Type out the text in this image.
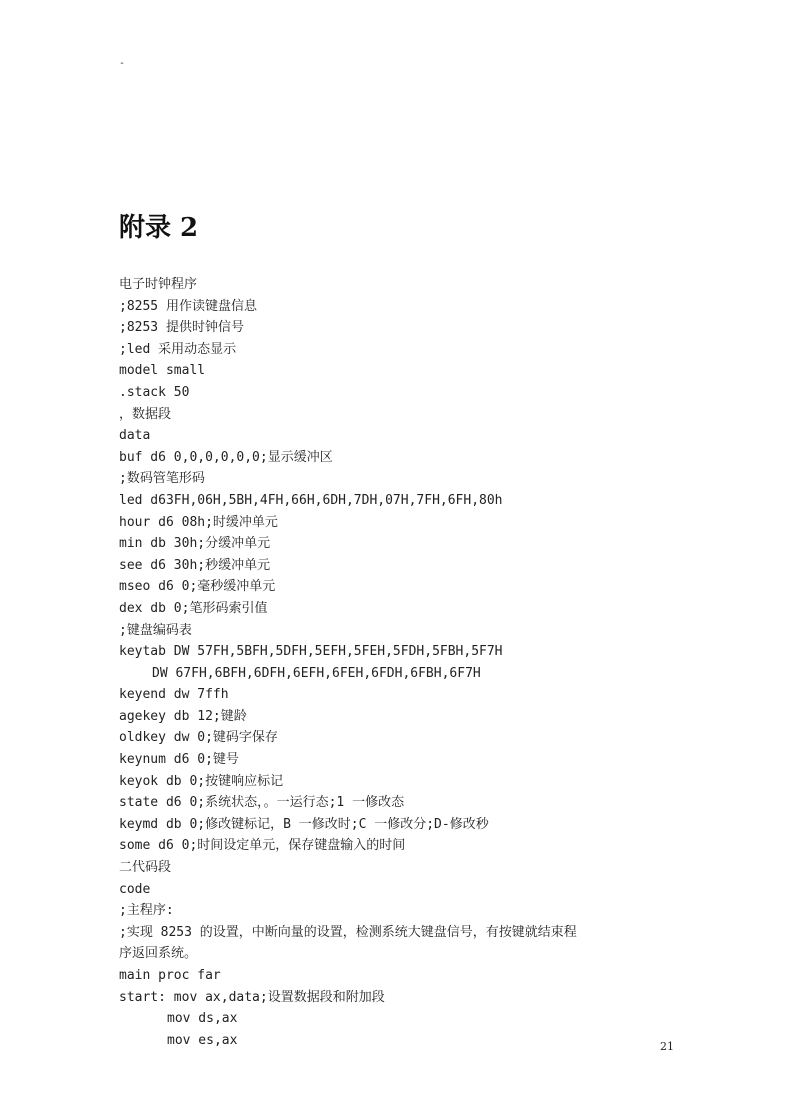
-
附录 2
电子时钟程序
;8255 用作读键盘信息
;8253 提供时钟信号
;led 采用动态显示
model small
.stack 50
，数据段
data
buf d6 0,0,0,0,0,0;显示缓冲区
;数码管笔形码
led d63FH,06H,5BH,4FH,66H,6DH,7DH,07H,7FH,6FH,80h
hour d6 08h;时缓冲单元
min db 30h;分缓冲单元
see d6 30h;秒缓冲单元
mseo d6 0;毫秒缓冲单元
dex db 0;笔形码索引值
;键盘编码表
keytab DW 57FH,5BFH,5DFH,5EFH,5FEH,5FDH,5FBH,5F7H
DW 67FH,6BFH,6DFH,6EFH,6FEH,6FDH,6FBH,6F7H
keyend dw 7ffh
agekey db 12;键龄
oldkey dw 0;键码字保存
keynum d6 0;键号
keyok db 0;按键响应标记
state d6 0;系统状态，。一运行态;1 一修改态
keymd db 0;修改键标记，B 一修改时;C 一修改分;D-修改秒
some d6 0;时间设定单元，保存键盘输入的时间
二代码段
code
;主程序:
;实现 8253 的设置，中断向量的设置，检测系统大键盘信号，有按键就结束程
序返回系统。
main proc far
start: mov ax,data;设置数据段和附加段
mov ds,ax
mov es,ax	21
